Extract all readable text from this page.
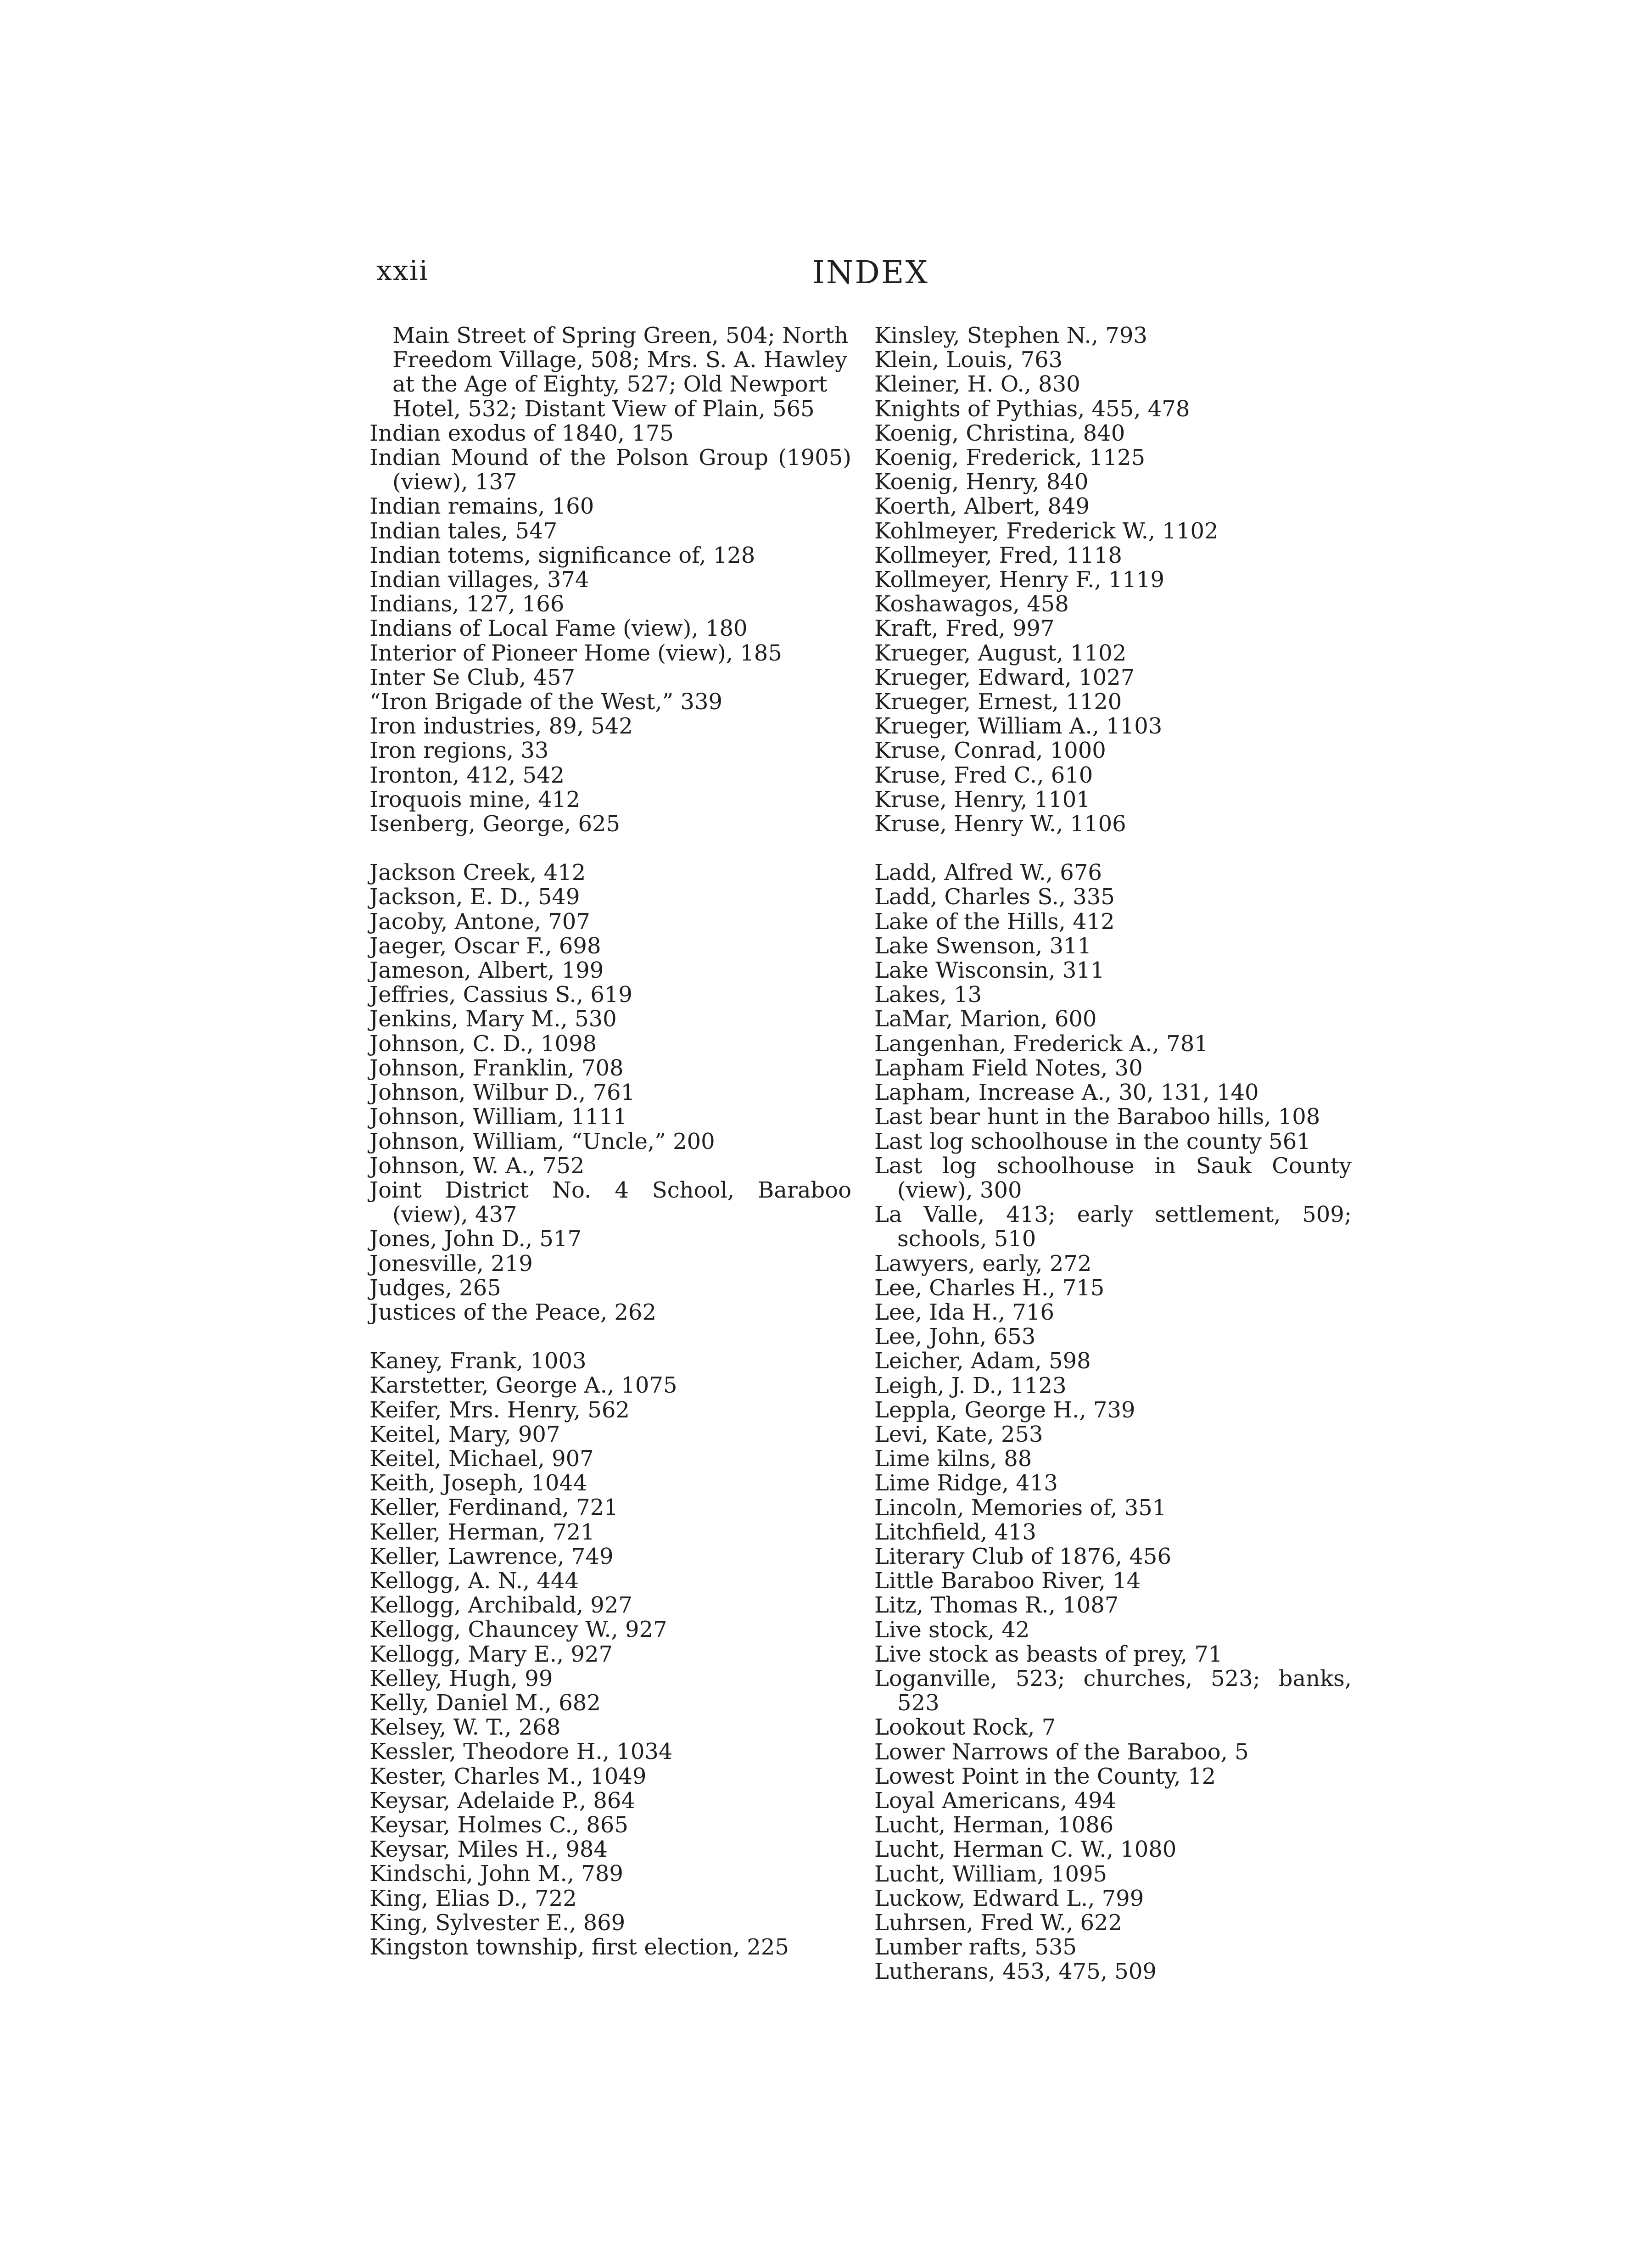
xxii	INDEX
Main Street of Spring Green, 504; North Freedom Village, 508; Mrs. S. A. Hawley at the Age of Eighty, 527; Old Newport Hotel, 532; Distant View of Plain, 565
Indian exodus of 1840, 175
Indian Mound of the Polson Group (1905) (view), 137
Indian remains, 160
Indian tales, 547
Indian totems, significance of, 128
Indian villages, 374
Indians, 127, 166
Indians of Local Fame (view), 180
Interior of Pioneer Home (view), 185
Inter Se Club, 457
“Iron Brigade of the West,” 339
Iron industries, 89, 542
Iron regions, 33
Ironton, 412, 542
Iroquois mine, 412
Isenberg, George, 625
Jackson Creek, 412
Jackson, E. D., 549
Jacoby, Antone, 707
Jaeger, Oscar F., 698
Jameson, Albert, 199
Jeffries, Cassius S., 619
Jenkins, Mary M., 530
Johnson, C. D., 1098
Johnson, Franklin, 708
Johnson, Wilbur D., 761
Johnson, William, 1111
Johnson, William, “Uncle,” 200
Johnson, W. A., 752
Joint District No. 4 School, Baraboo (view), 437
Jones, John D., 517
Jonesville, 219
Judges, 265
Justices of the Peace, 262
Kaney, Frank, 1003
Karstetter, George A., 1075
Keifer, Mrs. Henry, 562
Keitel, Mary, 907
Keitel, Michael, 907
Keith, Joseph, 1044
Keller, Ferdinand, 721
Keller, Herman, 721
Keller, Lawrence, 749
Kellogg, A. N., 444
Kellogg, Archibald, 927
Kellogg, Chauncey W., 927
Kellogg, Mary E., 927
Kelley, Hugh, 99
Kelly, Daniel M., 682
Kelsey, W. T., 268
Kessler, Theodore H., 1034
Kester, Charles M., 1049
Keysar, Adelaide P., 864
Keysar, Holmes C., 865
Keysar, Miles H., 984
Kindschi, John M., 789
King, Elias D., 722
King, Sylvester E., 869
Kingston township, first election, 225
Kinsley, Stephen N., 793
Klein, Louis, 763
Kleiner, H. O., 830
Knights of Pythias, 455, 478
Koenig, Christina, 840
Koenig, Frederick, 1125
Koenig, Henry, 840
Koerth, Albert, 849
Kohlmeyer, Frederick W., 1102
Kollmeyer, Fred, 1118
Kollmeyer, Henry F., 1119
Koshawagos, 458
Kraft, Fred, 997
Krueger, August, 1102
Krueger, Edward, 1027
Krueger, Ernest, 1120
Krueger, William A., 1103
Kruse, Conrad, 1000
Kruse, Fred C., 610
Kruse, Henry, 1101
Kruse, Henry W., 1106
Ladd, Alfred W., 676
Ladd, Charles S., 335
Lake of the Hills, 412
Lake Swenson, 311
Lake Wisconsin, 311
Lakes, 13
LaMar, Marion, 600
Langenhan, Frederick A., 781
Lapham Field Notes, 30
Lapham, Increase A., 30, 131, 140
Last bear hunt in the Baraboo hills, 108
Last log schoolhouse in the county 561
Last log schoolhouse in Sauk County (view), 300
La Valle, 413; early settlement, 509; schools, 510
Lawyers, early, 272
Lee, Charles H., 715
Lee, Ida H., 716
Lee, John, 653
Leicher, Adam, 598
Leigh, J. D., 1123
Leppla, George H., 739
Levi, Kate, 253
Lime kilns, 88
Lime Ridge, 413
Lincoln, Memories of, 351
Litchfield, 413
Literary Club of 1876, 456
Little Baraboo River, 14
Litz, Thomas R., 1087
Live stock, 42
Live stock as beasts of prey, 71
Loganville, 523; churches, 523; banks, 523
Lookout Rock, 7
Lower Narrows of the Baraboo, 5
Lowest Point in the County, 12
Loyal Americans, 494
Lucht, Herman, 1086
Lucht, Herman C. W., 1080
Lucht, William, 1095
Luckow, Edward L., 799
Luhrsen, Fred W., 622
Lumber rafts, 535
Lutherans, 453, 475, 509
